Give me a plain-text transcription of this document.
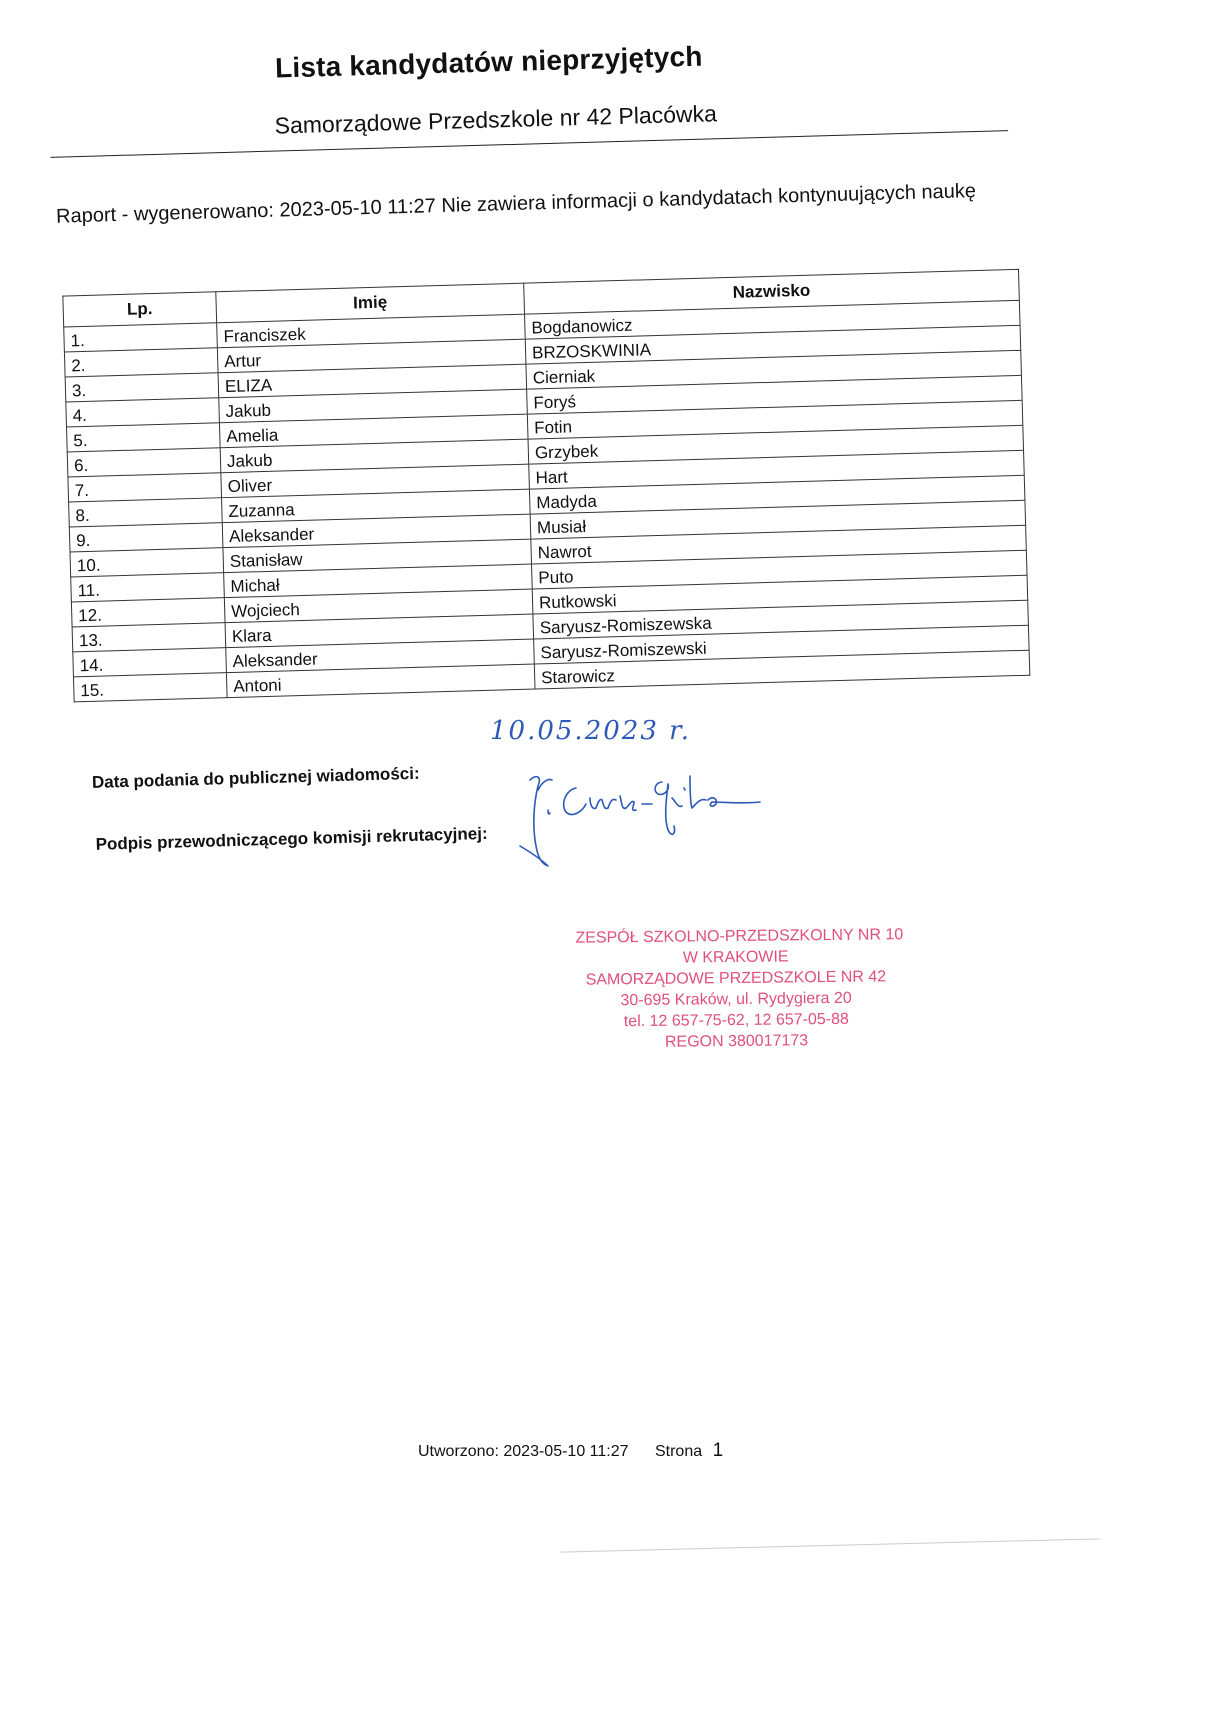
Lista kandydatów nieprzyjętych
Samorządowe Przedszkole nr 42 Placówka
Raport - wygenerowano: 2023-05-10 11:27 Nie zawiera informacji o kandydatach kontynuujących naukę
Lp.	Imię	Nazwisko
1.	Franciszek	Bogdanowicz
2.	Artur	BRZOSKWINIA
3.	ELIZA	Cierniak
4.	Jakub	Foryś
5.	Amelia	Fotin
6.	Jakub	Grzybek
7.	Oliver	Hart
8.	Zuzanna	Madyda
9.	Aleksander	Musiał
10.	Stanisław	Nawrot
11.	Michał	Puto
12.	Wojciech	Rutkowski
13.	Klara	Saryusz-Romiszewska
14.	Aleksander	Saryusz-Romiszewski
15.	Antoni	Starowicz
Data podania do publicznej wiadomości:
Podpis przewodniczącego komisji rekrutacyjnej:
10.05.2023 r.
ZESPÓŁ SZKOLNO-PRZEDSZKOLNY NR 10
W KRAKOWIE
SAMORZĄDOWE PRZEDSZKOLE NR 42
30-695 Kraków, ul. Rydygiera 20
tel. 12 657-75-62, 12 657-05-88
REGON 380017173
Utworzono: 2023-05-10 11:27 Strona 1
